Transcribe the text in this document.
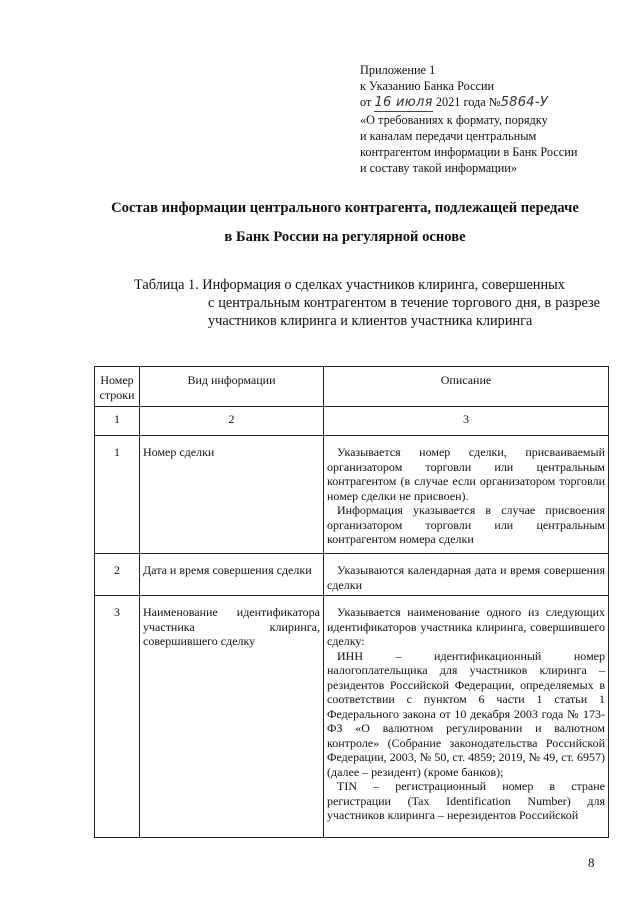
Приложение 1
к Указанию Банка России
от 16 июля 2021 года №5864-У
«О требованиях к формату, порядку
и каналам передачи центральным
контрагентом информации в Банк России
и составу такой информации»
Состав информации центрального контрагента, подлежащей передаче
в Банк России на регулярной основе
Таблица 1. Информация о сделках участников клиринга, совершенных
с центральным контрагентом в течение торгового дня, в разрезе участников клиринга и клиентов участника клиринга
Номер строки	Вид информации	Описание
1	2	3
1	Номер сделки	Указывается номер сделки, присваиваемый организатором торговли или центральным контрагентом (в случае если организатором торговли номер сделки не присвоен).

Информация указывается в случае присвоения организатором торговли или центральным контрагентом номера сделки

2	Дата и время совершения сделки	Указываются календарная дата и время совершения сделки

3	Наименование идентификатора участника клиринга, совершившего сделку	Указывается наименование одного из следующих идентификаторов участника клиринга, совершившего сделку:

ИНН – идентификационный номер налогоплательщика для участников клиринга – резидентов Российской Федерации, определяемых в соответствии с пунктом 6 части 1 статьи 1 Федерального закона от 10 декабря 2003 года № 173-ФЗ «О валютном регулировании и валютном контроле» (Собрание законодательства Российской Федерации, 2003, № 50, ст. 4859; 2019, № 49, ст. 6957) (далее – резидент) (кроме банков);

TIN – регистрационный номер в стране регистрации (Tax Identification Number) для участников клиринга – нерезидентов Российской

8
